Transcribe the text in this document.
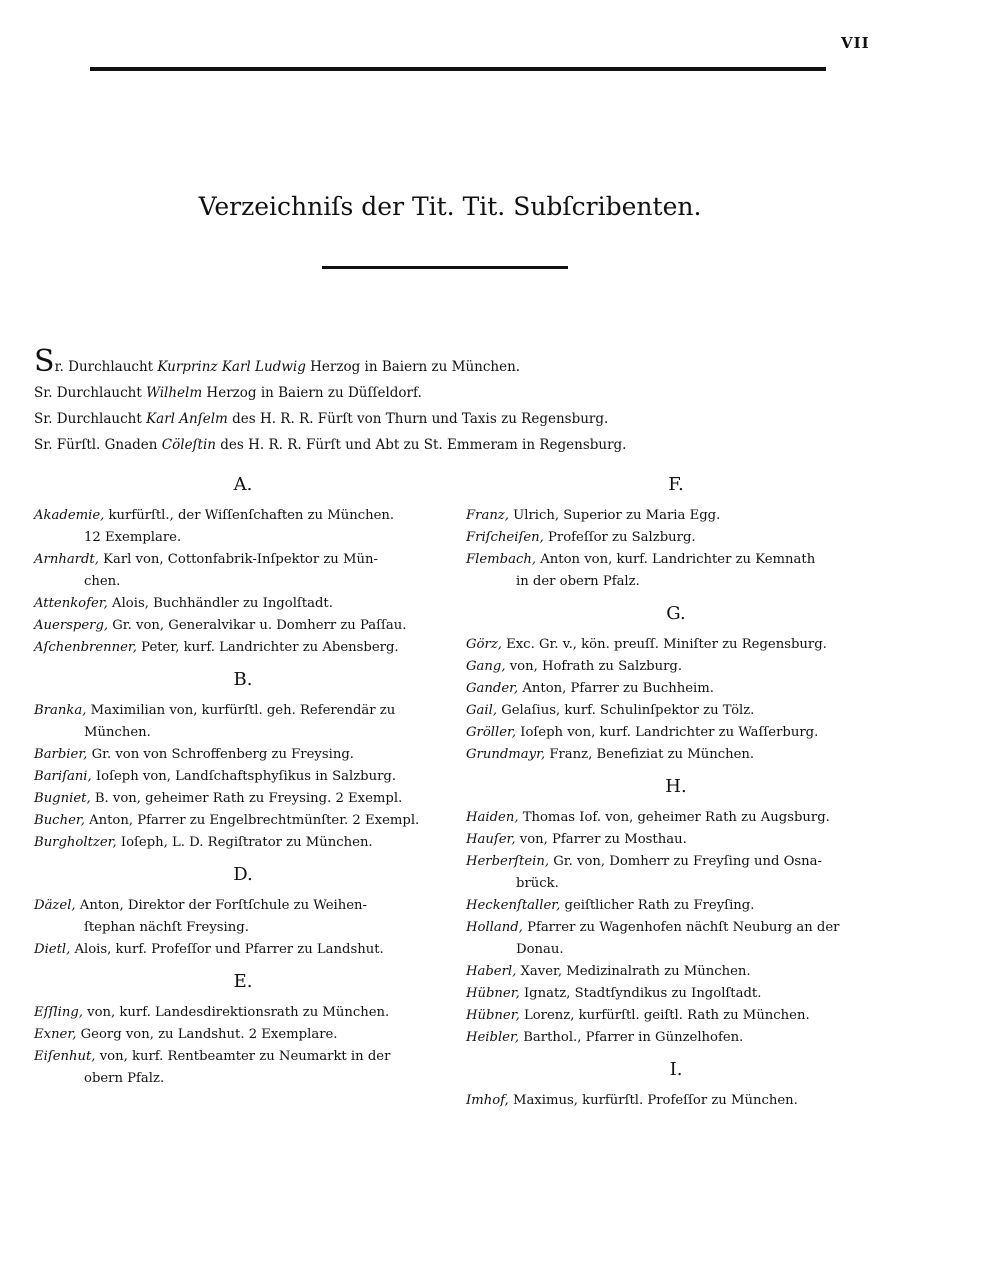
VII
Verzeichniſs der Tit. Tit. Subſcribenten.
Sr. Durchlaucht Kurprinz Karl Ludwig Herzog in Baiern zu München.
Sr. Durchlaucht Wilhelm Herzog in Baiern zu Düſſeldorf.
Sr. Durchlaucht Karl Anſelm des H. R. R. Fürſt von Thurn und Taxis zu Regensburg.
Sr. Fürſtl. Gnaden Cöleſtin des H. R. R. Fürſt und Abt zu St. Emmeram in Regensburg.
A.
Akademie, kurfürſtl., der Wiſſenſchaften zu München.
12 Exemplare.
Arnhardt, Karl von, Cottonfabrik-Inſpektor zu Mün-
chen.
Attenkofer, Alois, Buchhändler zu Ingolſtadt.
Auersperg, Gr. von, Generalvikar u. Domherr zu Paſſau.
Aſchenbrenner, Peter, kurf. Landrichter zu Abensberg.
B.
Branka, Maximilian von, kurfürſtl. geh. Referendär zu
München.
Barbier, Gr. von von Schroffenberg zu Freysing.
Bariſani, Ioſeph von, Landſchaftsphyſikus in Salzburg.
Bugniet, B. von, geheimer Rath zu Freysing. 2 Exempl.
Bucher, Anton, Pfarrer zu Engelbrechtmünſter. 2 Exempl.
Burgholtzer, Ioſeph, L. D. Regiſtrator zu München.
D.
Däzel, Anton, Direktor der Forſtſchule zu Weihen-
ſtephan nächſt Freysing.
Dietl, Alois, kurf. Profeſſor und Pfarrer zu Landshut.
E.
Eſſling, von, kurf. Landesdirektionsrath zu München.
Exner, Georg von, zu Landshut. 2 Exemplare.
Eiſenhut, von, kurf. Rentbeamter zu Neumarkt in der
obern Pfalz.
F.
Franz, Ulrich, Superior zu Maria Egg.
Friſcheiſen, Profeſſor zu Salzburg.
Flembach, Anton von, kurf. Landrichter zu Kemnath
in der obern Pfalz.
G.
Görz, Exc. Gr. v., kön. preuſſ. Miniſter zu Regensburg.
Gang, von, Hofrath zu Salzburg.
Gander, Anton, Pfarrer zu Buchheim.
Gail, Gelaſius, kurf. Schulinſpektor zu Tölz.
Gröller, Ioſeph von, kurf. Landrichter zu Waſſerburg.
Grundmayr, Franz, Benefiziat zu München.
H.
Haiden, Thomas Iof. von, geheimer Rath zu Augsburg.
Hauſer, von, Pfarrer zu Mosthau.
Herberſtein, Gr. von, Domherr zu Freyſing und Osna-
brück.
Heckenſtaller, geiſtlicher Rath zu Freyſing.
Holland, Pfarrer zu Wagenhofen nächſt Neuburg an der
Donau.
Haberl, Xaver, Medizinalrath zu München.
Hübner, Ignatz, Stadtſyndikus zu Ingolſtadt.
Hübner, Lorenz, kurfürſtl. geiſtl. Rath zu München.
Heibler, Barthol., Pfarrer in Günzelhofen.
I.
Imhof, Maximus, kurfürſtl. Profeſſor zu München.
